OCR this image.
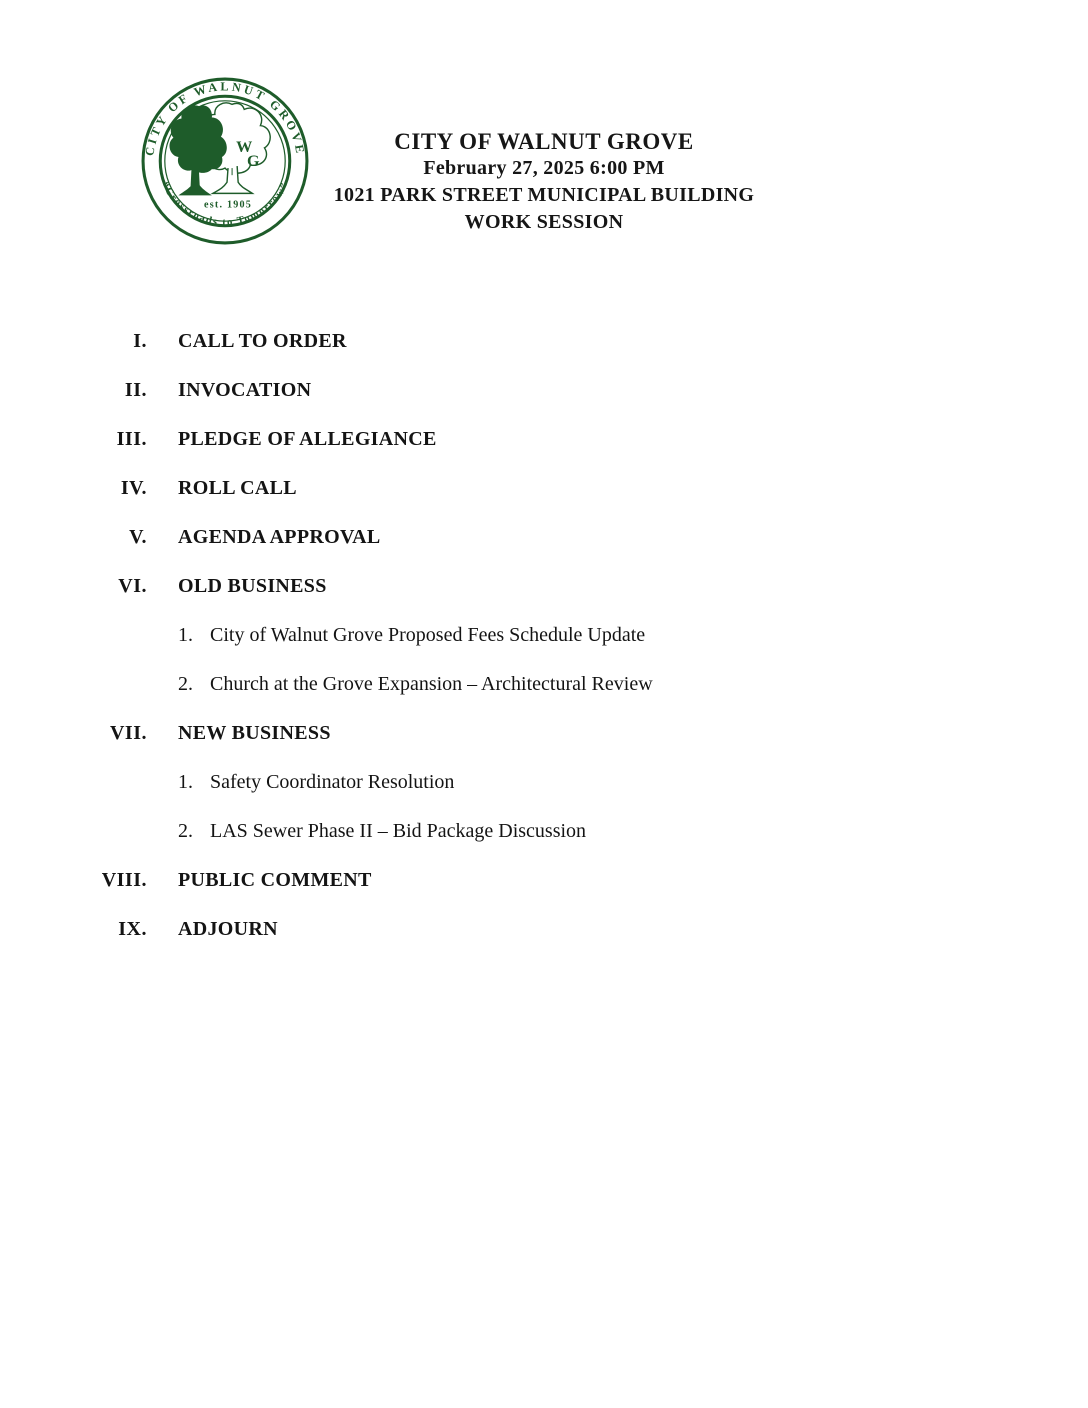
CITY OF WALNUT GROVE
“Crossroads to Tomorrow”
W
G
est. 1905
CITY OF WALNUT GROVE
February 27, 2025 6:00 PM
1021 PARK STREET MUNICIPAL BUILDING
WORK SESSION
I. CALL TO ORDER
II. INVOCATION
III. PLEDGE OF ALLEGIANCE
IV. ROLL CALL
V. AGENDA APPROVAL
VI. OLD BUSINESS
1. City of Walnut Grove Proposed Fees Schedule Update
2. Church at the Grove Expansion – Architectural Review
VII. NEW BUSINESS
1. Safety Coordinator Resolution
2. LAS Sewer Phase II – Bid Package Discussion
VIII. PUBLIC COMMENT
IX. ADJOURN
